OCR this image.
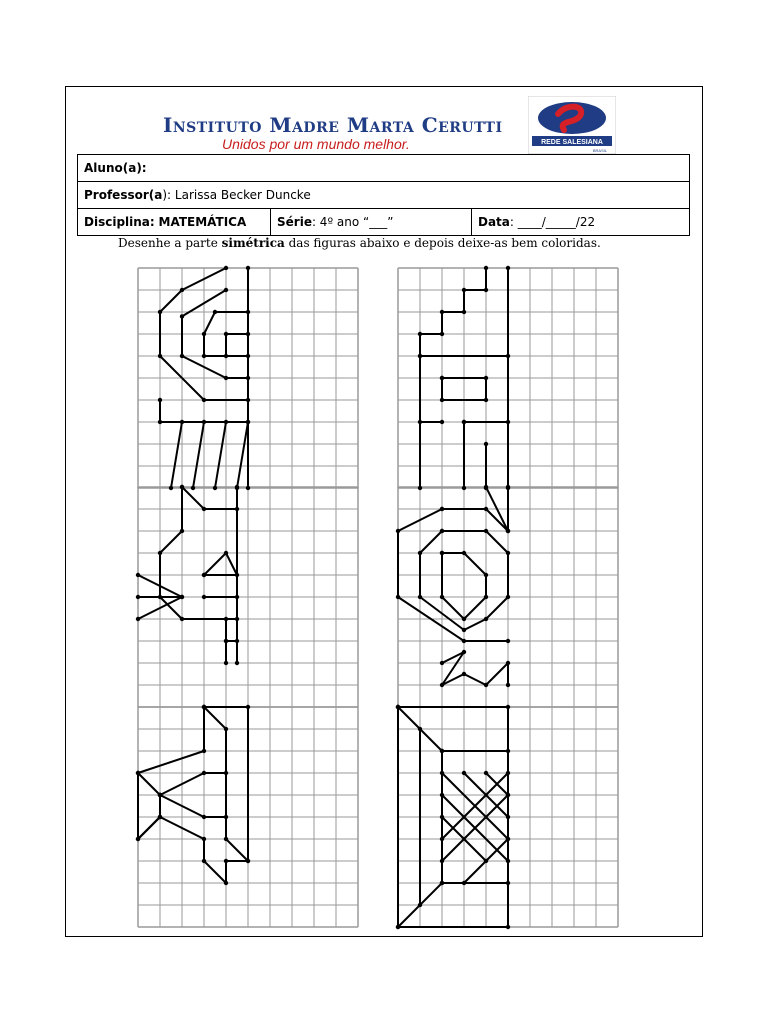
Instituto Madre Marta Cerutti
Unidos por um mundo melhor.	REDE SALESIANA
BRASIL
Aluno(a):
Professor(a): Larissa Becker Duncke
Disciplina: MATEMÁTICA	Série: 4º ano “___”	Data: ____/_____/22
Desenhe a parte simétrica das figuras abaixo e depois deixe-as bem coloridas.
